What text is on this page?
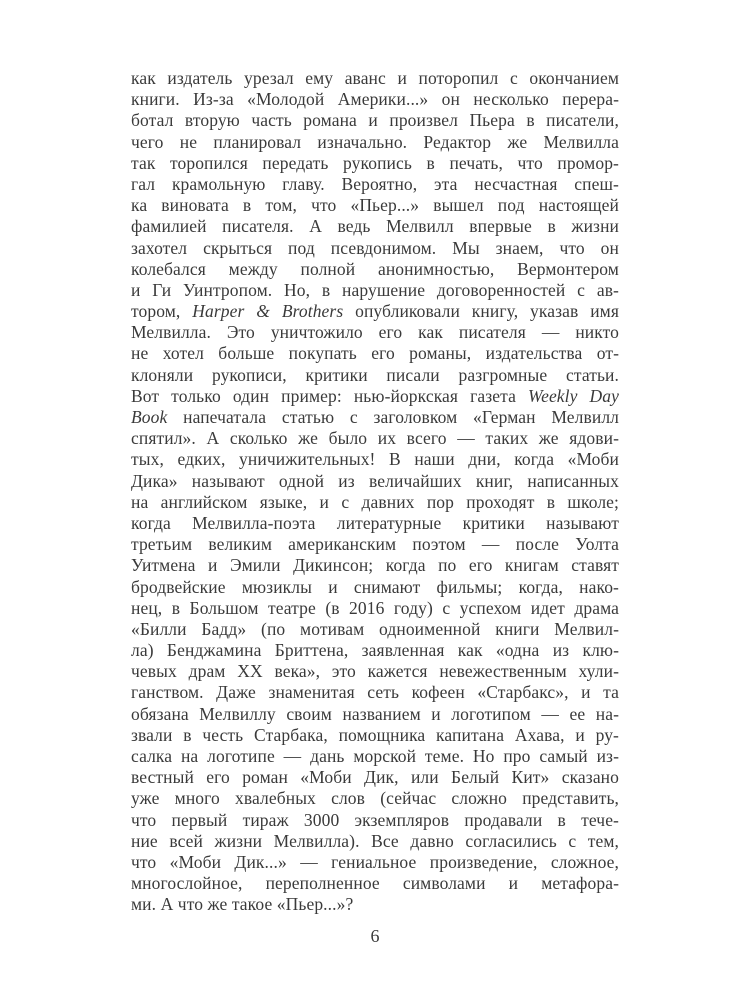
как издатель урезал ему аванс и поторопил с окончанием
книги. Из-за «Молодой Америки...» он несколько перера-
ботал вторую часть романа и произвел Пьера в писатели,
чего не планировал изначально. Редактор же Мелвилла
так торопился передать рукопись в печать, что промор-
гал крамольную главу. Вероятно, эта несчастная спеш-
ка виновата в том, что «Пьер...» вышел под настоящей
фамилией писателя. А ведь Мелвилл впервые в жизни
захотел скрыться под псевдонимом. Мы знаем, что он
колебался между полной анонимностью, Вермонтером
и Ги Уинтропом. Но, в нарушение договоренностей с ав-
тором, Harper & Brothers опубликовали книгу, указав имя
Мелвилла. Это уничтожило его как писателя — никто
не хотел больше покупать его романы, издательства от-
клоняли рукописи, критики писали разгромные статьи.
Вот только один пример: нью-йоркская газета Weekly Day
Book напечатала статью с заголовком «Герман Мелвилл
спятил». А сколько же было их всего — таких же ядови-
тых, едких, уничижительных! В наши дни, когда «Моби
Дика» называют одной из величайших книг, написанных
на английском языке, и с давних пор проходят в школе;
когда Мелвилла-поэта литературные критики называют
третьим великим американским поэтом — после Уолта
Уитмена и Эмили Дикинсон; когда по его книгам ставят
бродвейские мюзиклы и снимают фильмы; когда, нако-
нец, в Большом театре (в 2016 году) с успехом идет драма
«Билли Бадд» (по мотивам одноименной книги Мелвил-
ла) Бенджамина Бриттена, заявленная как «одна из клю-
чевых драм XX века», это кажется невежественным хули-
ганством. Даже знаменитая сеть кофеен «Старбакс», и та
обязана Мелвиллу своим названием и логотипом — ее на-
звали в честь Старбака, помощника капитана Ахава, и ру-
салка на логотипе — дань морской теме. Но про самый из-
вестный его роман «Моби Дик, или Белый Кит» сказано
уже много хвалебных слов (сейчас сложно представить,
что первый тираж 3000 экземпляров продавали в тече-
ние всей жизни Мелвилла). Все давно согласились с тем,
что «Моби Дик...» — гениальное произведение, сложное,
многослойное, переполненное символами и метафора-
ми. А что же такое «Пьер...»?
6
